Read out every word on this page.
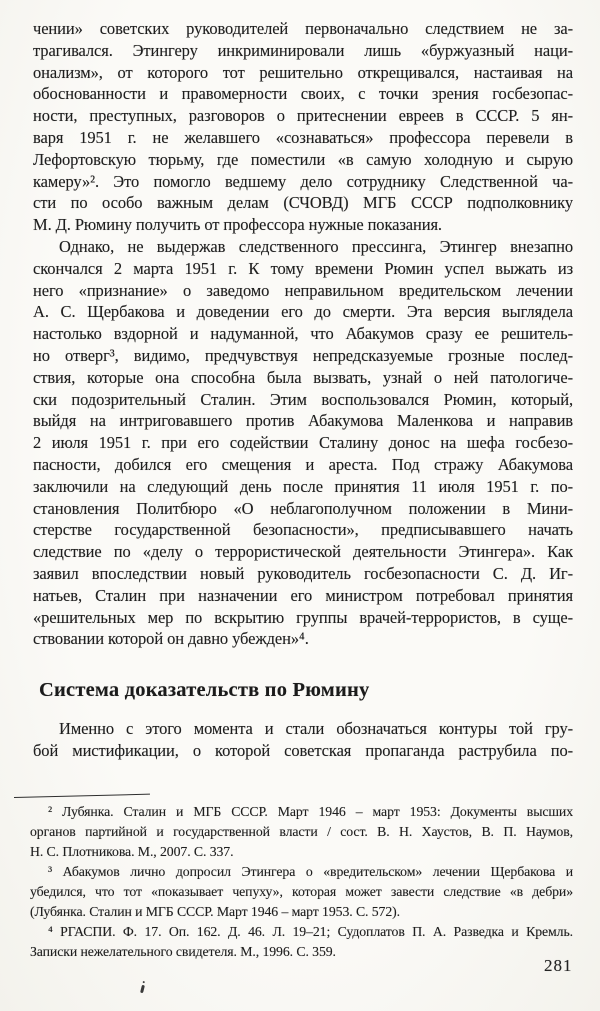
чении» советских руководителей первоначально следствием не за-
трагивался. Этингеру инкриминировали лишь «буржуазный наци-
онализм», от которого тот решительно открещивался, настаивая на
обоснованности и правомерности своих, с точки зрения госбезопас-
ности, преступных, разговоров о притеснении евреев в СССР. 5 ян-
варя 1951 г. не желавшего «сознаваться» профессора перевели в
Лефортовскую тюрьму, где поместили «в самую холодную и сырую
камеру»². Это помогло ведшему дело сотруднику Следственной ча-
сти по особо важным делам (СЧОВД) МГБ СССР подполковнику
М. Д. Рюмину получить от профессора нужные показания.
Однако, не выдержав следственного прессинга, Этингер внезапно
скончался 2 марта 1951 г. К тому времени Рюмин успел выжать из
него «признание» о заведомо неправильном вредительском лечении
А. С. Щербакова и доведении его до смерти. Эта версия выглядела
настолько вздорной и надуманной, что Абакумов сразу ее решитель-
но отверг³, видимо, предчувствуя непредсказуемые грозные послед-
ствия, которые она способна была вызвать, узнай о ней патологиче-
ски подозрительный Сталин. Этим воспользовался Рюмин, который,
выйдя на интриговавшего против Абакумова Маленкова и направив
2 июля 1951 г. при его содействии Сталину донос на шефа госбезо-
пасности, добился его смещения и ареста. Под стражу Абакумова
заключили на следующий день после принятия 11 июля 1951 г. по-
становления Политбюро «О неблагополучном положении в Мини-
стерстве государственной безопасности», предписывавшего начать
следствие по «делу о террористической деятельности Этингера». Как
заявил впоследствии новый руководитель госбезопасности С. Д. Иг-
натьев, Сталин при назначении его министром потребовал принятия
«решительных мер по вскрытию группы врачей-террористов, в суще-
ствовании которой он давно убежден»⁴.
Система доказательств по Рюмину
Именно с этого момента и стали обозначаться контуры той гру-
бой мистификации, о которой советская пропаганда раструбила по-
² Лубянка. Сталин и МГБ СССР. Март 1946 – март 1953: Документы высших
органов партийной и государственной власти / сост. В. Н. Хаустов, В. П. Наумов,
Н. С. Плотникова. М., 2007. С. 337.
³ Абакумов лично допросил Этингера о «вредительском» лечении Щербакова и
убедился, что тот «показывает чепуху», которая может завести следствие «в дебри»
(Лубянка. Сталин и МГБ СССР. Март 1946 – март 1953. С. 572).
⁴ РГАСПИ. Ф. 17. Оп. 162. Д. 46. Л. 19–21; Судоплатов П. А. Разведка и Кремль.
Записки нежелательного свидетеля. М., 1996. С. 359.
281
